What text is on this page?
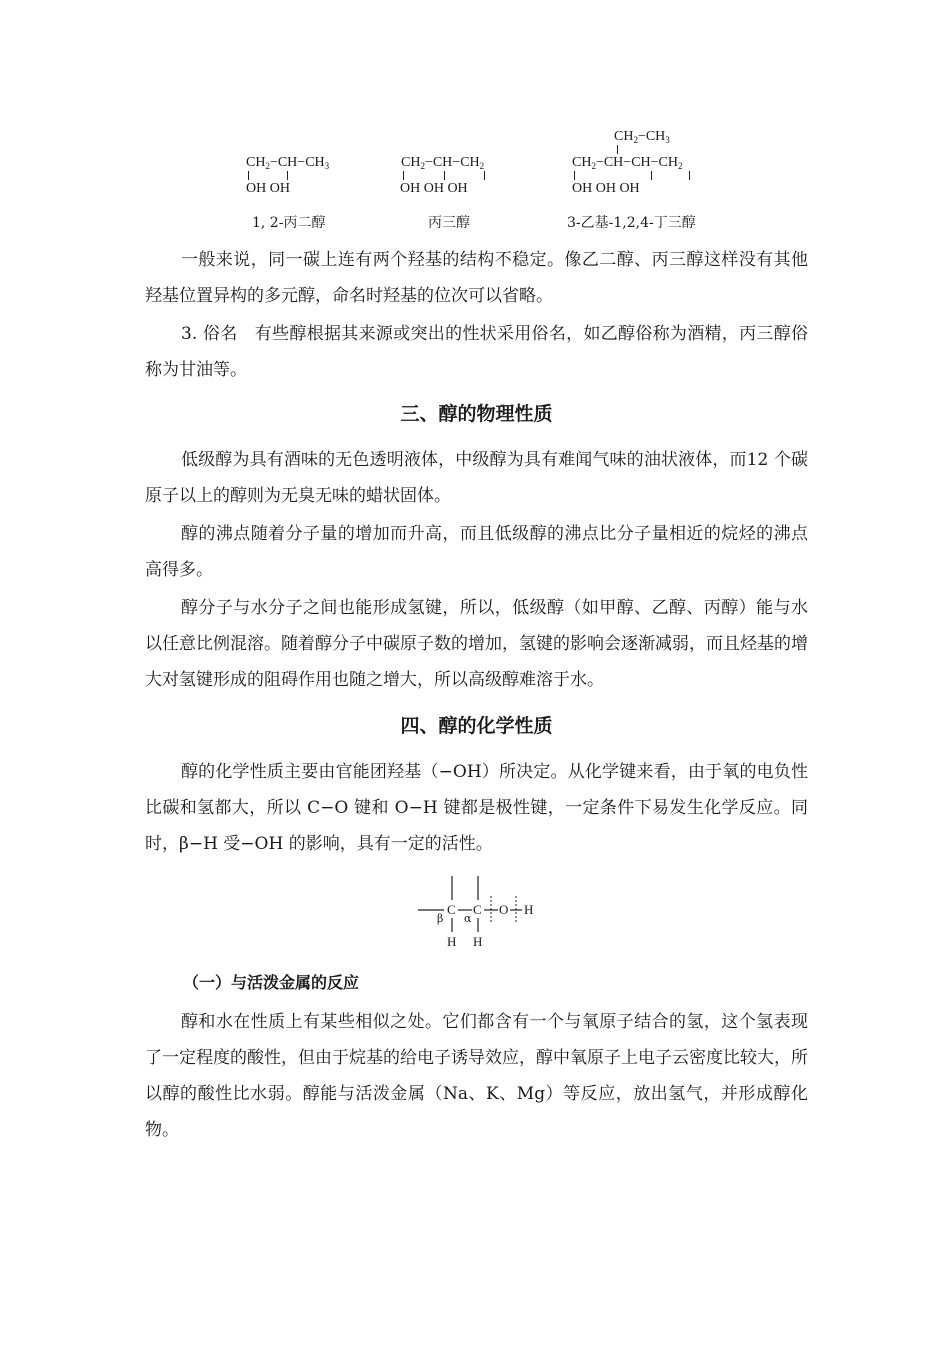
$CH_2-CH-CH_3$
OH OH
1, 2-丙二醇
$CH_2-CH-CH_2$
OH OH OH
丙三醇
$CH_2-CH_3$
$CH_2-CH-CH-CH_2$
OH OH OH
3-乙基-1,2,4-丁三醇

一般来说，同一碳上连有两个羟基的结构不稳定。像乙二醇、丙三醇这样没有其他羟基位置异构的多元醇，命名时羟基的位次可以省略。

3. 俗名　有些醇根据其来源或突出的性状采用俗名，如乙醇俗称为酒精，丙三醇俗称为甘油等。

三、醇的物理性质

低级醇为具有酒味的无色透明液体，中级醇为具有难闻气味的油状液体，而12 个碳原子以上的醇则为无臭无味的蜡状固体。

醇的沸点随着分子量的增加而升高，而且低级醇的沸点比分子量相近的烷烃的沸点高得多。

醇分子与水分子之间也能形成氢键，所以，低级醇（如甲醇、乙醇、丙醇）能与水以任意比例混溶。随着醇分子中碳原子数的增加，氢键的影响会逐渐减弱，而且烃基的增大对氢键形成的阻碍作用也随之增大，所以高级醇难溶于水。

四、醇的化学性质

醇的化学性质主要由官能团羟基（−OH）所决定。从化学键来看，由于氧的电负性比碳和氢都大，所以 C−O 键和 O−H 键都是极性键，一定条件下易发生化学反应。同时，β−H 受−OH 的影响，具有一定的活性。

C C O H
β α
H H
（一）与活泼金属的反应

醇和水在性质上有某些相似之处。它们都含有一个与氧原子结合的氢，这个氢表现了一定程度的酸性，但由于烷基的给电子诱导效应，醇中氧原子上电子云密度比较大，所以醇的酸性比水弱。醇能与活泼金属（Na、K、Mg）等反应，放出氢气，并形成醇化物。
